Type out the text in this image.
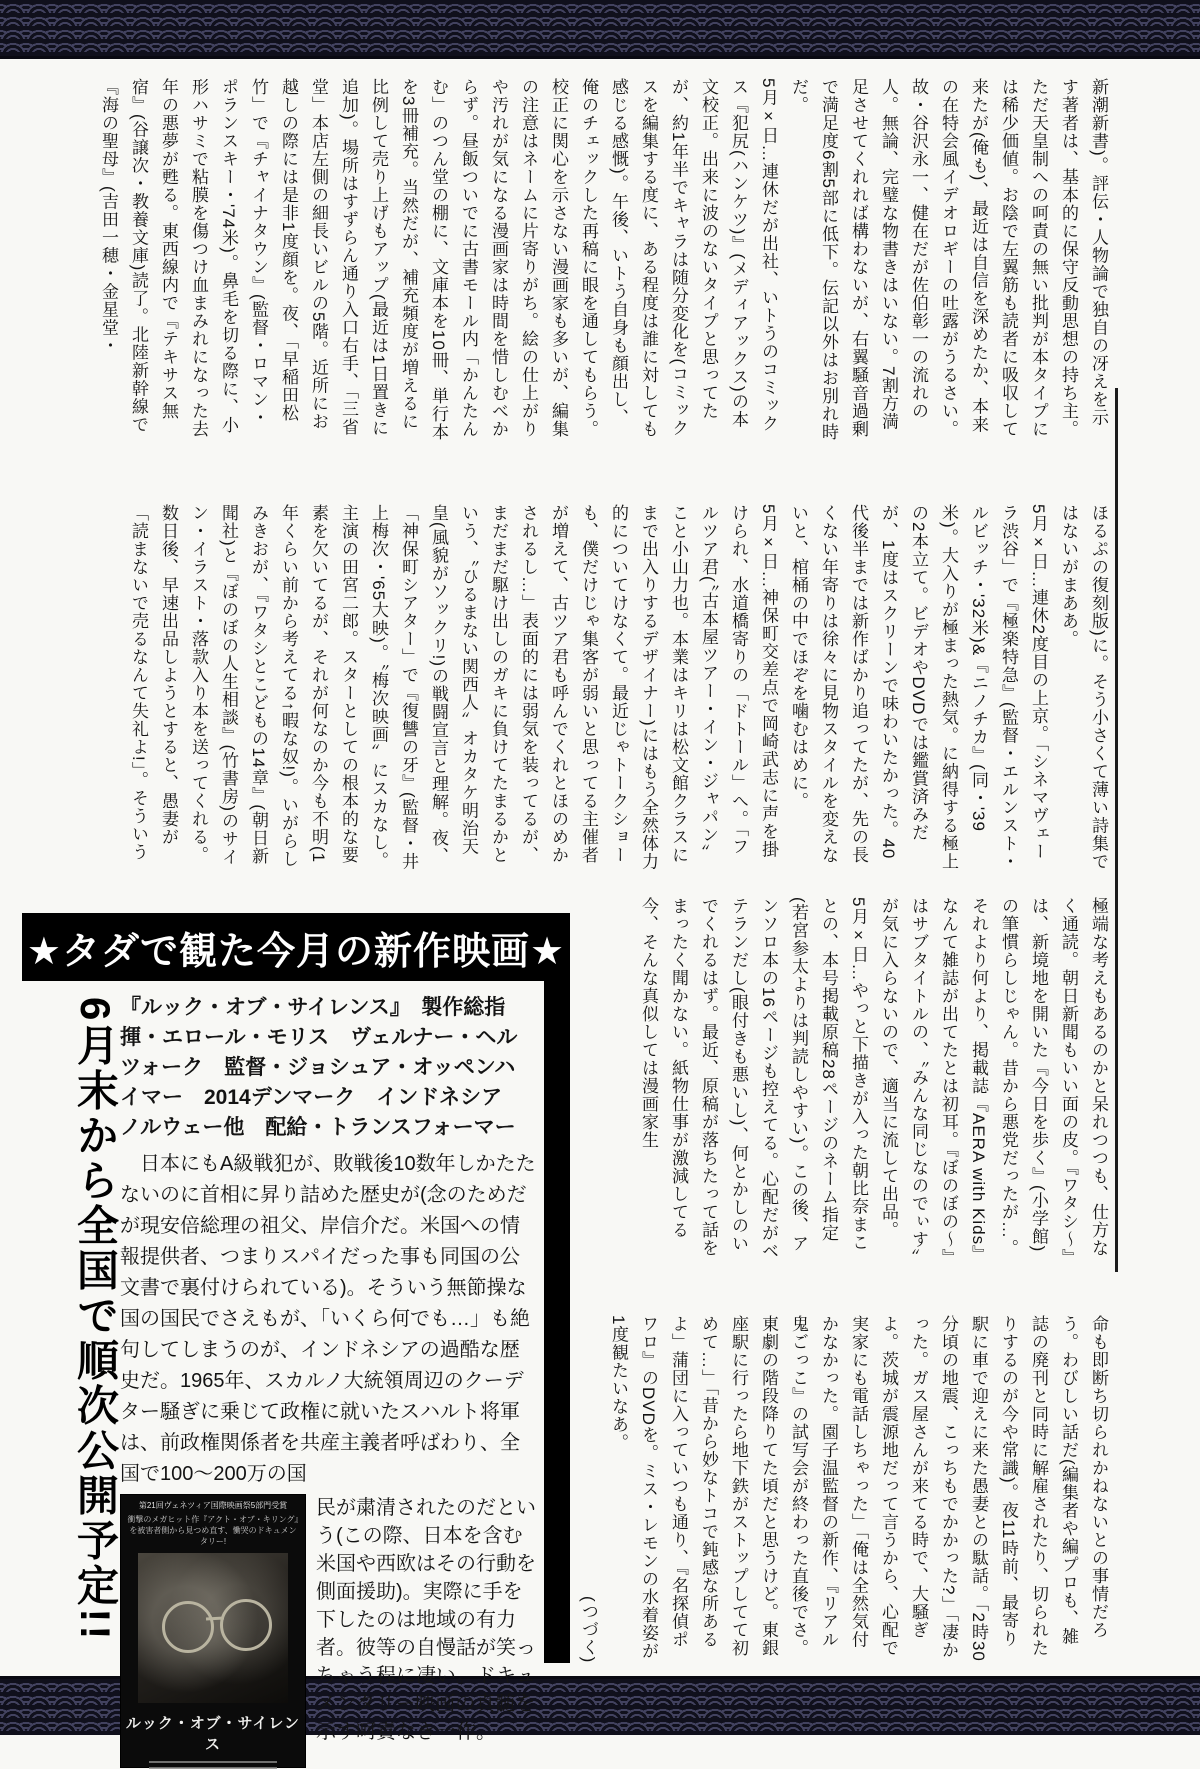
新潮新書)。評伝・人物論で独自の冴えを示す著者は、基本的に保守反動思想の持ち主。ただ天皇制への呵責の無い批判が本タイプには稀少価値。お陰で左翼筋も読者に吸収して来たが(俺も)、最近は自信を深めたか、本来の在特会風イデオロギーの吐露がうるさい。故・谷沢永一、健在だが佐伯彰一の流れの人。無論、完璧な物書きはいない。7割方満足させてくれれば構わないが、右翼騒音過剰で満足度6割5部に低下。伝記以外はお別れ時だ。

5月×日…連休だが出社、いトうのコミックス『犯尻(ハンケツ)』(メディアックス)の本文校正。出来に波のないタイプと思ってたが、約1年半でキャラは随分変化を(コミックスを編集する度に、ある程度は誰に対しても感じる感慨)。午後、いトう自身も顔出し、俺のチェックした再稿に眼を通してもらう。校正に関心を示さない漫画家も多いが、編集の注意はネームに片寄りがち。絵の仕上がりや汚れが気になる漫画家は時間を惜しむべからず。昼飯ついでに古書モール内「かんたんむ」のつん堂の棚に、文庫本を10冊、単行本を3冊補充。当然だが、補充頻度が増えるに比例して売り上げもアップ(最近は1日置きに追加)。場所はすずらん通り入口右手、「三省堂」本店左側の細長いビルの5階。近所にお越しの際には是非1度顔を。夜、「早稲田松竹」で『チャイナタウン』(監督・ロマン・ポランスキー・'74米)。鼻毛を切る際に、小形ハサミで粘膜を傷つけ血まみれになった去年の悪夢が甦る。東西線内で『テキサス無宿』(谷譲次・教養文庫)読了。北陸新幹線で『海の聖母』(吉田一穂・金星堂・

ほるぷの復刻版)に。そう小さくて薄い詩集ではないがまああ。

5月×日…連休2度目の上京。「シネマヴェーラ渋谷」で『極楽特急』(監督・エルンスト・ルビッチ・'32米)&『ニノチカ』(同・'39米)。大入りが極まった熱気。に納得する極上の2本立て。ビデオやDVDでは鑑賞済みだが、1度はスクリーンで味わいたかった。40代後半までは新作ばかり追ってたが、先の長くない年寄りは徐々に見物スタイルを変えないと、棺桶の中でほぞを噛むはめに。

5月×日…神保町交差点で岡崎武志に声を掛けられ、水道橋寄りの「ドトール」へ。「フルツア君(〝古本屋ツアー・イン・ジャパン〟こと小山力也。本業はキリは松文館クラスにまで出入りするデザイナー)にはもう全然体力的についてけなくて。最近じゃトークショーも、僕だけじゃ集客が弱いと思ってる主催者が増えて、古ツア君も呼んでくれとほのめかされるし…」表面的には弱気を装ってるが、まだまだ駆け出しのガキに負けてたまるかという、〝ひるまない関西人〟オカタケ明治天皇(風貌がソックリ!)の戦闘宣言と理解。夜、「神保町シアター」で『復讐の牙』(監督・井上梅次・'65大映)。〝梅次映画〟にスカなし。主演の田宮二郎。スターとしての根本的な要素を欠いてるが、それが何なのか今も不明(1年くらい前から考えてる↑暇な奴!)。いがらしみきおが、『ワタシとこどもの14章』(朝日新聞社)と『ぼのぼの人生相談』(竹書房)のサイン・イラスト・落款入り本を送ってくれる。数日後、早速出品しようとすると、愚妻が「読まないで売るなんて失礼よ!」。そういう

極端な考えもあるのかと呆れつつも、仕方なく通読。朝日新聞もいい面の皮。『ワタシ〜』は、新境地を開いた『今日を歩く』(小学館)の筆慣らしじゃん。昔から悪党だったが…。それより何より、掲載誌『AERA with Kids』なんて雑誌が出てたとは初耳。『ぼのぼの〜』はサブタイトルの、〝みんな同じなのでぃす〟が気に入らないので、適当に流して出品。

5月×日…やっと下描きが入った朝比奈まことの、本号掲載原稿28ページのネーム指定(若宮参太よりは判読しやすい)。この後、アンソロ本の16ページも控えてる。心配だがベテランだし(眼付きも悪いし)、何とかしのいでくれるはず。最近、原稿が落ちたって話をまったく聞かない。紙物仕事が激減してる今、そんな真似しては漫画家生

命も即断ち切られかねないとの事情だろう。わびしい話だ(編集者や編プロも、雑誌の廃刊と同時に解雇されたり、切られたりするのが今や常識)。夜11時前、最寄り駅に車で迎えに来た愚妻との駄話。「2時30分頃の地震、こっちもでかかった?」「凄かった。ガス屋さんが来てる時で、大騒ぎよ。茨城が震源地だって言うから、心配で実家にも電話しちゃった」「俺は全然気付かなかった。園子温監督の新作、『リアル鬼ごっこ』の試写会が終わった直後でさ。東劇の階段降りてた頃だと思うけど。東銀座駅に行ったら地下鉄がストップしてて初めて…」「昔から妙なトコで鈍感な所あるよ」蒲団に入っていつも通り、『名探偵ポワロ』のDVDを。ミス・レモンの水着姿が1度観たいなあ。

(つづく)

★タダで観た今月の新作映画★
6月末から全国で順次公開予定!! 『ルック・オブ・サイレンス』　製作総指揮・エロール・モリス　ヴェルナー・ヘルツォーク　監督・ジョシュア・オッペンハイマー　2014デンマーク　インドネシア　ノルウェー他　配給・トランスフォーマー

　日本にもA級戦犯が、敗戦後10数年しかたたないのに首相に昇り詰めた歴史が(念のためだが現安倍総理の祖父、岸信介だ。米国への情報提供者、つまりスパイだった事も同国の公文書で裏付けられている)。そういう無節操な国の国民でさえもが、「いくら何でも…」も絶句してしまうのが、インドネシアの過酷な歴史だ。1965年、スカルノ大統領周辺のクーデター騒ぎに乗じて政権に就いたスハルト将軍は、前政権関係者を共産主義者呼ばわり、全国で100〜200万の国

第21回ヴェネツィア国際映画祭5部門受賞
衝撃のメガヒット作『アクト・オブ・キリング』を被害者側から見つめ直す、慟哭のドキュメンタリー!
ルック・オブ・サイレンス

民が粛清されたのだという(この際、日本を含む米国や西欧はその行動を側面援助)。実際に手を下したのは地域の有力者。彼等の自慢話が笑っちゃう程に凄い。ドキュメンタリー映画の真髄を示す呵責なき一作。
